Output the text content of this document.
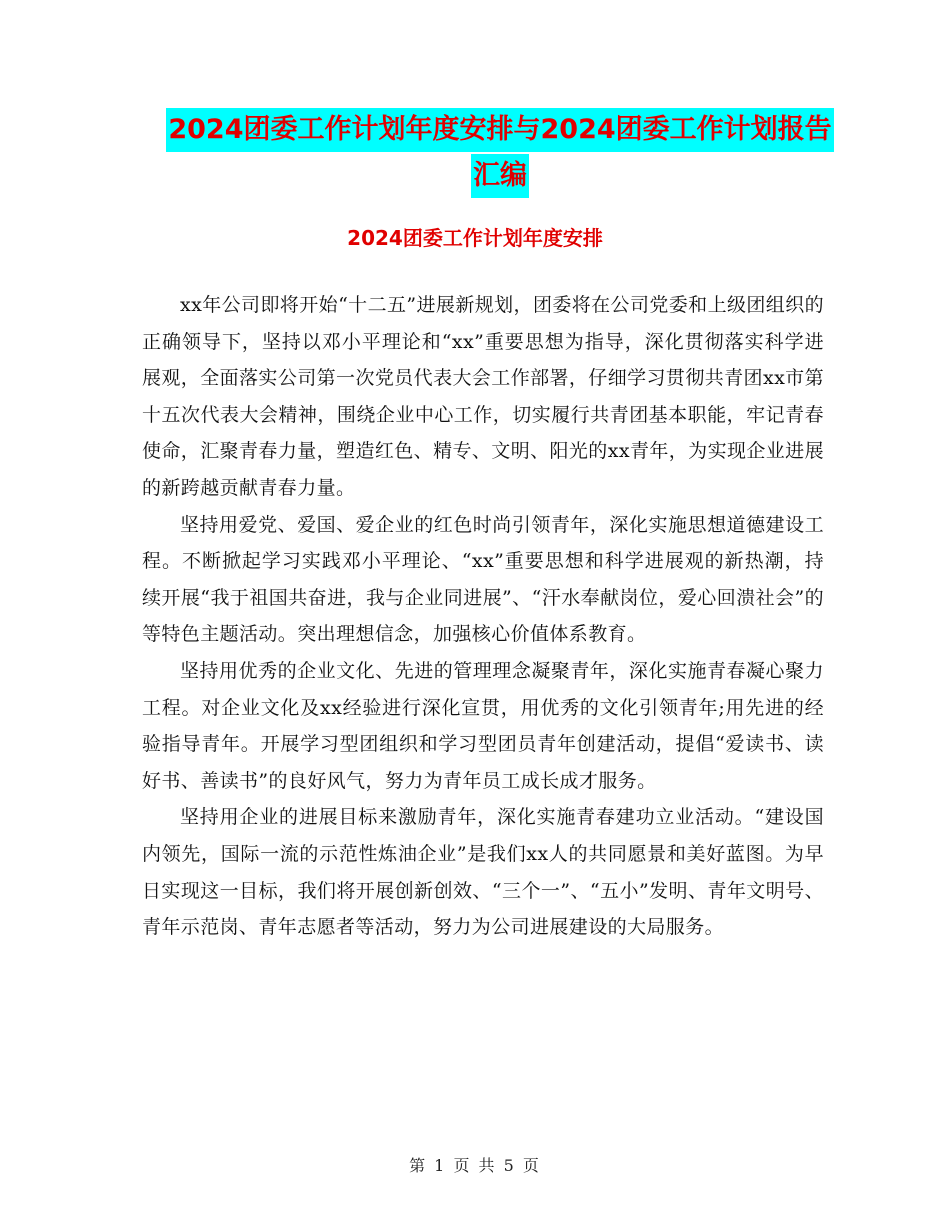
2024团委工作计划年度安排与2024团委工作计划报告
汇编
2024团委工作计划年度安排

xx年公司即将开始“十二五”进展新规划，团委将在公司党委和上级团组织的正确领导下，坚持以邓小平理论和“xx”重要思想为指导，深化贯彻落实科学进展观，全面落实公司第一次党员代表大会工作部署，仔细学习贯彻共青团xx市第十五次代表大会精神，围绕企业中心工作，切实履行共青团基本职能，牢记青春使命，汇聚青春力量，塑造红色、精专、文明、阳光的xx青年，为实现企业进展的新跨越贡献青春力量。

坚持用爱党、爱国、爱企业的红色时尚引领青年，深化实施思想道德建设工程。不断掀起学习实践邓小平理论、“xx”重要思想和科学进展观的新热潮，持续开展“我于祖国共奋进，我与企业同进展”、“汗水奉献岗位，爱心回溃社会”的等特色主题活动。突出理想信念，加强核心价值体系教育。

坚持用优秀的企业文化、先进的管理理念凝聚青年，深化实施青春凝心聚力工程。对企业文化及xx经验进行深化宣贯，用优秀的文化引领青年;用先进的经验指导青年。开展学习型团组织和学习型团员青年创建活动，提倡“爱读书、读好书、善读书”的良好风气，努力为青年员工成长成才服务。

坚持用企业的进展目标来激励青年，深化实施青春建功立业活动。“建设国内领先，国际一流的示范性炼油企业”是我们xx人的共同愿景和美好蓝图。为早日实现这一目标，我们将开展创新创效、“三个一”、“五小”发明、青年文明号、青年示范岗、青年志愿者等活动，努力为公司进展建设的大局服务。

第 1 页 共 5 页
